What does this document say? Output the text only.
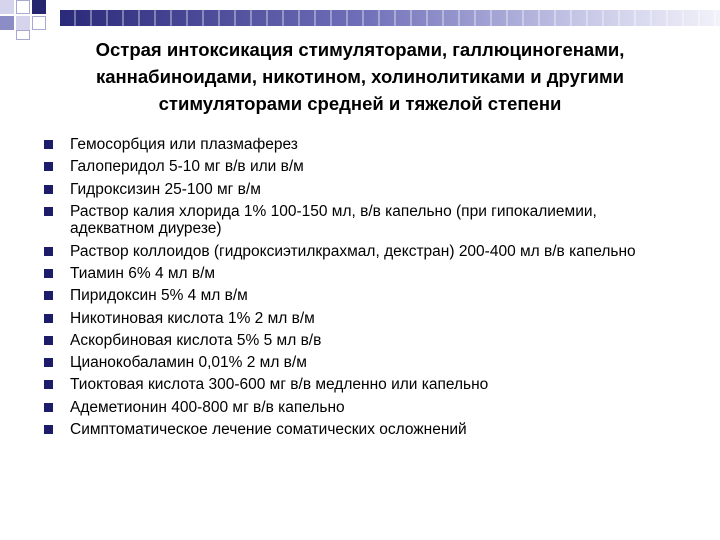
Острая интоксикация стимуляторами, галлюциногенами, каннабиноидами, никотином, холинолитиками и другими стимуляторами средней и тяжелой степени
Гемосорбция или плазмаферез
Галоперидол 5-10 мг в/в или в/м
Гидроксизин 25-100 мг в/м
Раствор калия хлорида 1% 100-150 мл, в/в капельно (при гипокалиемии, адекватном диурезе)
Раствор коллоидов (гидроксиэтилкрахмал, декстран) 200-400 мл в/в капельно
Тиамин 6% 4 мл в/м
Пиридоксин 5% 4 мл в/м
Никотиновая кислота 1% 2 мл в/м
Аскорбиновая кислота 5% 5 мл в/в
Цианокобаламин 0,01% 2 мл в/м
Тиоктовая кислота 300-600 мг в/в медленно или капельно
Адеметионин 400-800 мг в/в капельно
Симптоматическое лечение соматических осложнений
